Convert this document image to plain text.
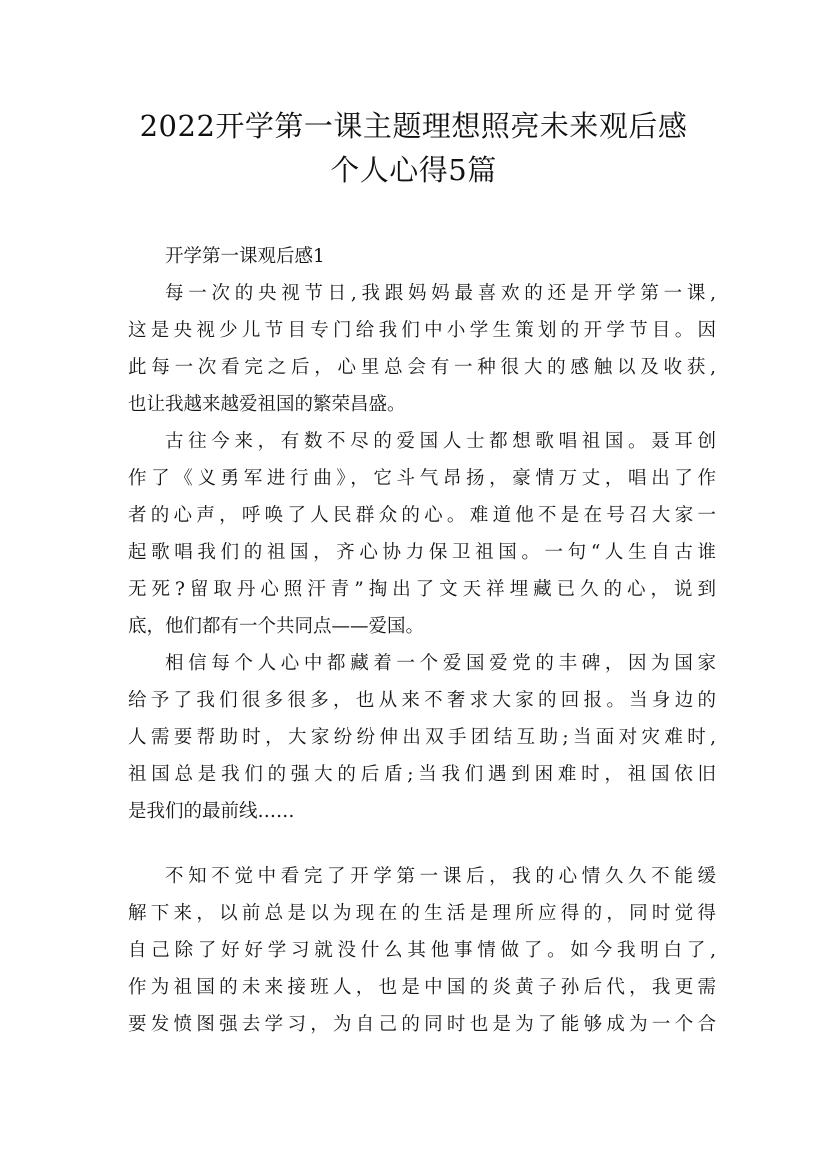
2022开学第一课主题理想照亮未来观后感
个人心得5篇
开学第一课观后感1
每一次的央视节日,我跟妈妈最喜欢的还是开学第一课,
这是央视少儿节目专门给我们中小学生策划的开学节目。因
此每一次看完之后，心里总会有一种很大的感触以及收获,
也让我越来越爱祖国的繁荣昌盛。
古往今来，有数不尽的爱国人士都想歌唱祖国。聂耳创
作了《义勇军进行曲》，它斗气昂扬，豪情万丈，唱出了作
者的心声，呼唤了人民群众的心。难道他不是在号召大家一
起歌唱我们的祖国，齐心协力保卫祖国。一句“人生自古谁
无死?留取丹心照汗青”掏出了文天祥埋藏已久的心，说到
底，他们都有一个共同点——爱国。
相信每个人心中都藏着一个爱国爱党的丰碑，因为国家
给予了我们很多很多，也从来不奢求大家的回报。当身边的
人需要帮助时，大家纷纷伸出双手团结互助;当面对灾难时,
祖国总是我们的强大的后盾;当我们遇到困难时，祖国依旧
是我们的最前线……
不知不觉中看完了开学第一课后，我的心情久久不能缓
解下来，以前总是以为现在的生活是理所应得的，同时觉得
自己除了好好学习就没什么其他事情做了。如今我明白了,
作为祖国的未来接班人，也是中国的炎黄子孙后代，我更需
要发愤图强去学习，为自己的同时也是为了能够成为一个合
